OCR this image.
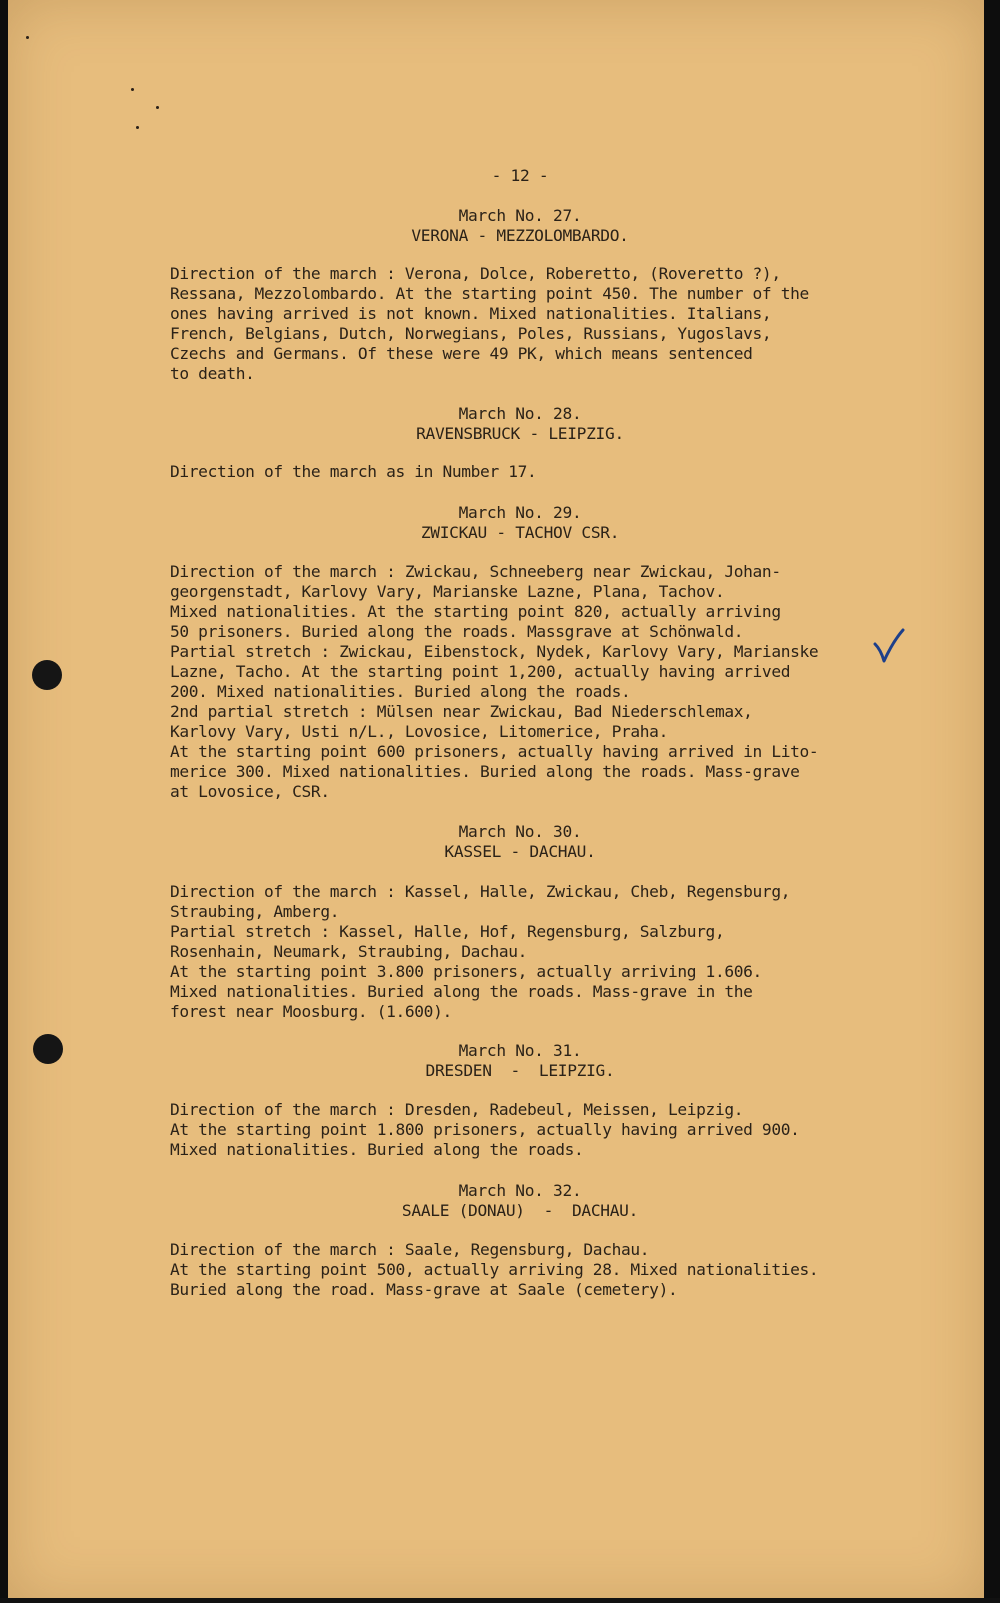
- 12 -
March No. 27.
VERONA - MEZZOLOMBARDO.
Direction of the march : Verona, Dolce, Roberetto, (Roveretto ?),
Ressana, Mezzolombardo. At the starting point 450. The number of the
ones having arrived is not known. Mixed nationalities. Italians,
French, Belgians, Dutch, Norwegians, Poles, Russians, Yugoslavs,
Czechs and Germans. Of these were 49 PK, which means sentenced
to death.
March No. 28.
RAVENSBRUCK - LEIPZIG.
Direction of the march as in Number 17.
March No. 29.
ZWICKAU - TACHOV CSR.
Direction of the march : Zwickau, Schneeberg near Zwickau, Johan-
georgenstadt, Karlovy Vary, Marianske Lazne, Plana, Tachov.
Mixed nationalities. At the starting point 820, actually arriving
50 prisoners. Buried along the roads. Massgrave at Schönwald.
Partial stretch : Zwickau, Eibenstock, Nydek, Karlovy Vary, Marianske
Lazne, Tacho. At the starting point 1,200, actually having arrived
200. Mixed nationalities. Buried along the roads.
2nd partial stretch : Mülsen near Zwickau, Bad Niederschlemax,
Karlovy Vary, Usti n/L., Lovosice, Litomerice, Praha.
At the starting point 600 prisoners, actually having arrived in Lito-
merice 300. Mixed nationalities. Buried along the roads. Mass-grave
at Lovosice, CSR.
March No. 30.
KASSEL - DACHAU.
Direction of the march : Kassel, Halle, Zwickau, Cheb, Regensburg,
Straubing, Amberg.
Partial stretch : Kassel, Halle, Hof, Regensburg, Salzburg,
Rosenhain, Neumark, Straubing, Dachau.
At the starting point 3.800 prisoners, actually arriving 1.606.
Mixed nationalities. Buried along the roads. Mass-grave in the
forest near Moosburg. (1.600).
March No. 31.
DRESDEN  -  LEIPZIG.
Direction of the march : Dresden, Radebeul, Meissen, Leipzig.
At the starting point 1.800 prisoners, actually having arrived 900.
Mixed nationalities. Buried along the roads.
March No. 32.
SAALE (DONAU)  -  DACHAU.
Direction of the march : Saale, Regensburg, Dachau.
At the starting point 500, actually arriving 28. Mixed nationalities.
Buried along the road. Mass-grave at Saale (cemetery).
